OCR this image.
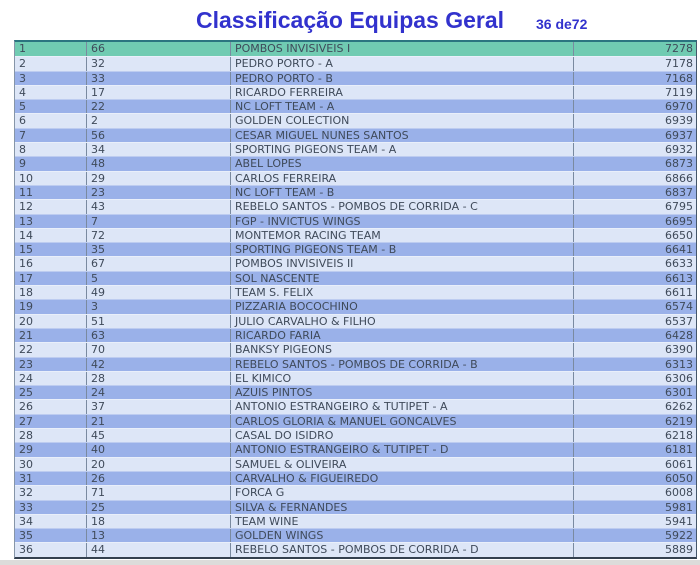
Classificação Equipas Geral	36 de72
1	66	POMBOS INVISIVEIS I	7278
2	32	PEDRO PORTO - A	7178
3	33	PEDRO PORTO - B	7168
4	17	RICARDO FERREIRA	7119
5	22	NC LOFT TEAM - A	6970
6	2	GOLDEN COLECTION	6939
7	56	CESAR MIGUEL NUNES SANTOS	6937
8	34	SPORTING PIGEONS TEAM - A	6932
9	48	ABEL LOPES	6873
10	29	CARLOS FERREIRA	6866
11	23	NC LOFT TEAM - B	6837
12	43	REBELO SANTOS - POMBOS DE CORRIDA - C	6795
13	7	FGP - INVICTUS WINGS	6695
14	72	MONTEMOR RACING TEAM	6650
15	35	SPORTING PIGEONS TEAM - B	6641
16	67	POMBOS INVISIVEIS II	6633
17	5	SOL NASCENTE	6613
18	49	TEAM S. FELIX	6611
19	3	PIZZARIA BOCOCHINO	6574
20	51	JULIO CARVALHO & FILHO	6537
21	63	RICARDO FARIA	6428
22	70	BANKSY PIGEONS	6390
23	42	REBELO SANTOS - POMBOS DE CORRIDA - B	6313
24	28	EL KIMICO	6306
25	24	AZUIS PINTOS	6301
26	37	ANTONIO ESTRANGEIRO & TUTIPET - A	6262
27	21	CARLOS GLORIA & MANUEL GONCALVES	6219
28	45	CASAL DO ISIDRO	6218
29	40	ANTONIO ESTRANGEIRO & TUTIPET - D	6181
30	20	SAMUEL & OLIVEIRA	6061
31	26	CARVALHO & FIGUEIREDO	6050
32	71	FORCA G	6008
33	25	SILVA & FERNANDES	5981
34	18	TEAM WINE	5941
35	13	GOLDEN WINGS	5922
36	44	REBELO SANTOS - POMBOS DE CORRIDA - D	5889
